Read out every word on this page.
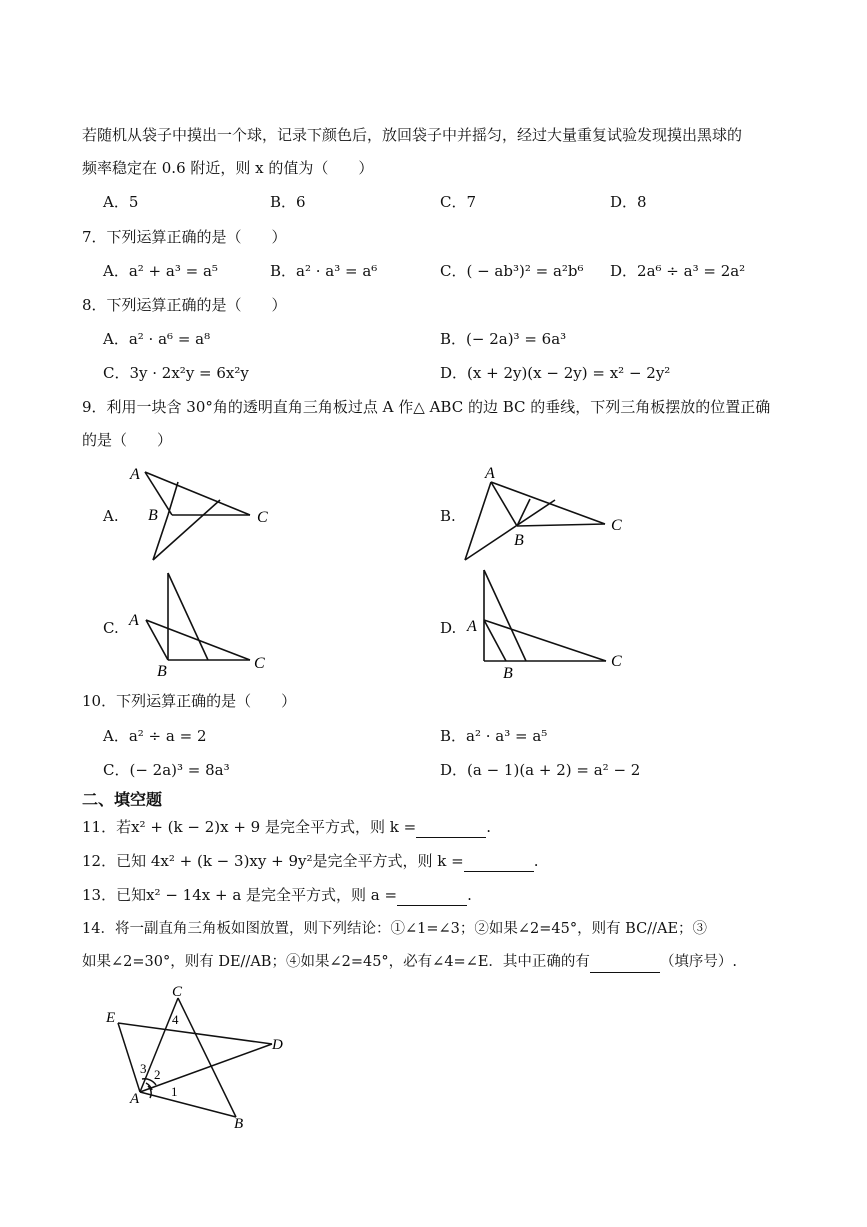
若随机从袋子中摸出一个球，记录下颜色后，放回袋子中并摇匀，经过大量重复试验发现摸出黑球的
频率稳定在 0.6 附近，则 x 的值为（　　）
A．5	B．6	C．7	D．8
7．下列运算正确的是（　　）
A．a² + a³ = a⁵	B．a² · a³ = a⁶	C．( − ab³)² = a²b⁶ D．2a⁶ ÷ a³ = 2a²
8．下列运算正确的是（　　）
A．a² · a⁶ = a⁸	B．(− 2a)³ = 6a³
C．3y · 2x²y = 6x²y	D．(x + 2y)(x − 2y) = x² − 2y²
9．利用一块含 30°角的透明直角三角板过点 A 作△ ABC 的边 BC 的垂线，下列三角板摆放的位置正确
的是（　　）
A.
A
B	C	B.
A
B
C
C. A
B	C
D. A
B
C
10．下列运算正确的是（　　）
A．a² ÷ a = 2	B．a² · a³ = a⁵
C．(− 2a)³ = 8a³	D．(a − 1)(a + 2) = a² − 2
二、填空题
11．若x² + (k − 2)x + 9 是完全平方式，则 k =	.
12．已知 4x² + (k − 3)xy + 9y²是完全平方式，则 k =	.
13．已知x² − 14x + a 是完全平方式，则 a =	.
14．将一副直角三角板如图放置，则下列结论：①∠1=∠3；②如果∠2=45°，则有 BC//AE；③
如果∠2=30°，则有 DE//AB；④如果∠2=45°，必有∠4=∠E．其中正确的有	（填序号）.
C
E
D
A
B
3 2
1
4
